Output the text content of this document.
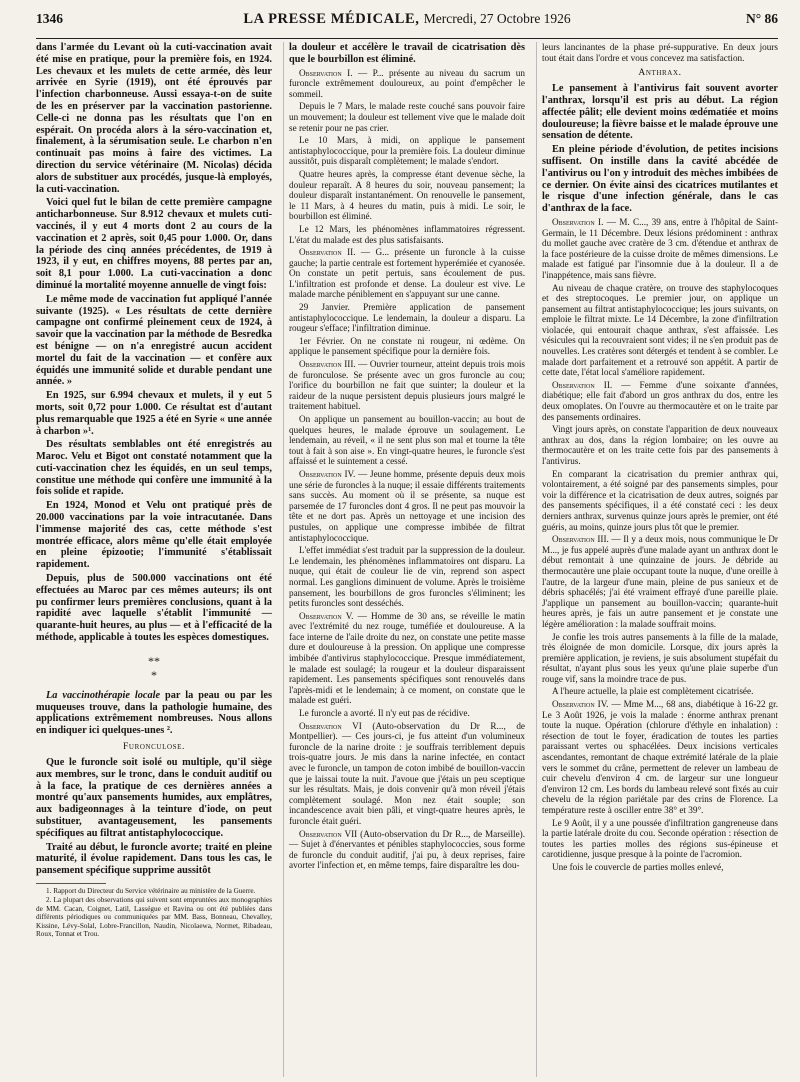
1346	LA PRESSE MÉDICALE, Mercredi, 27 Octobre 1926	N° 86

dans l'armée du Levant où la cuti-vaccination avait été mise en pratique, pour la première fois, en 1924. Les chevaux et les mulets de cette armée, dès leur arrivée en Syrie (1919), ont été éprouvés par l'infection charbonneuse. Aussi essaya-t-on de suite de les en préserver par la vaccination pastorienne. Celle-ci ne donna pas les résultats que l'on en espérait. On procéda alors à la séro-vaccination et, finalement, à la sérumisation seule. Le charbon n'en continuait pas moins à faire des victimes. La direction du service vétérinaire (M. Nicolas) décida alors de substituer aux procédés, jusque-là employés, la cuti-vaccination.

Voici quel fut le bilan de cette première campagne anticharbonneuse. Sur 8.912 chevaux et mulets cuti-vaccinés, il y eut 4 morts dont 2 au cours de la vaccination et 2 après, soit 0,45 pour 1.000. Or, dans la période des cinq années précédentes, de 1919 à 1923, il y eut, en chiffres moyens, 88 pertes par an, soit 8,1 pour 1.000. La cuti-vaccination a donc diminué la mortalité moyenne annuelle de vingt fois:

Le même mode de vaccination fut appliqué l'année suivante (1925). « Les résultats de cette dernière campagne ont confirmé pleinement ceux de 1924, à savoir que la vaccination par la méthode de Besredka est bénigne — on n'a enregistré aucun accident mortel du fait de la vaccination — et confère aux équidés une immunité solide et durable pendant une année. »

En 1925, sur 6.994 chevaux et mulets, il y eut 5 morts, soit 0,72 pour 1.000. Ce résultat est d'autant plus remarquable que 1925 a été en Syrie « une année à charbon »¹.

Des résultats semblables ont été enregistrés au Maroc. Velu et Bigot ont constaté notamment que la cuti-vaccination chez les équidés, en un seul temps, constitue une méthode qui confère une immunité à la fois solide et rapide.

En 1924, Monod et Velu ont pratiqué près de 20.000 vaccinations par la voie intracutanée. Dans l'immense majorité des cas, cette méthode s'est montrée efficace, alors même qu'elle était employée en pleine épizootie; l'immunité s'établissait rapidement.

Depuis, plus de 500.000 vaccinations ont été effectuées au Maroc par ces mêmes auteurs; ils ont pu confirmer leurs premières conclusions, quant à la rapidité avec laquelle s'établit l'immunité — quarante-huit heures, au plus — et à l'efficacité de la méthode, applicable à toutes les espèces domestiques.

**
*

La vaccinothérapie locale par la peau ou par les muqueuses trouve, dans la pathologie humaine, des applications extrêmement nombreuses. Nous allons en indiquer ici quelques-unes ².

Furonculose.

Que le furoncle soit isolé ou multiple, qu'il siège aux membres, sur le tronc, dans le conduit auditif ou à la face, la pratique de ces dernières années a montré qu'aux pansements humides, aux emplâtres, aux badigeonnages à la teinture d'iode, on peut substituer, avantageusement, les pansements spécifiques au filtrat antistaphylococcique.

Traité au début, le furoncle avorte; traité en pleine maturité, il évolue rapidement. Dans tous les cas, le pansement spécifique supprime aussitôt

1. Rapport du Directeur du Service vétérinaire au ministère de la Guerre.

2. La plupart des observations qui suivent sont empruntées aux monographies de MM. Cacan, Coignet, Latil, Lasségue et Ravina ou ont été publiées dans différents périodiques ou communiquées par MM. Bass, Bonneau, Chevalley, Kissine, Lévy-Solal, Lobre-Francillon, Naudin, Nicolaewa, Normet, Ribadeau, Roux, Tonnat et Trou.

la douleur et accélère le travail de cicatrisation dès que le bourbillon est éliminé.

Observation I. — P... présente au niveau du sacrum un furoncle extrêmement douloureux, au point d'empêcher le sommeil.

Depuis le 7 Mars, le malade reste couché sans pouvoir faire un mouvement; la douleur est tellement vive que le malade doit se retenir pour ne pas crier.

Le 10 Mars, à midi, on applique le pansement antistaphylococcique, pour la première fois. La douleur diminue aussitôt, puis disparaît complètement; le malade s'endort.

Quatre heures après, la compresse étant devenue sèche, la douleur reparaît. A 8 heures du soir, nouveau pansement; la douleur disparaît instantanément. On renouvelle le pansement, le 11 Mars, à 4 heures du matin, puis à midi. Le soir, le bourbillon est éliminé.

Le 12 Mars, les phénomènes inflammatoires régressent. L'état du malade est des plus satisfaisants.

Observation II. — G... présente un furoncle à la cuisse gauche; la partie centrale est fortement hyperémiée et cyanosée. On constate un petit pertuis, sans écoulement de pus. L'infiltration est profonde et dense. La douleur est vive. Le malade marche péniblement en s'appuyant sur une canne.

29 Janvier. Première application de pansement antistaphylococcique. Le lendemain, la douleur a disparu. La rougeur s'efface; l'infiltration diminue.

1er Février. On ne constate ni rougeur, ni œdème. On applique le pansement spécifique pour la dernière fois.

Observation III. — Ouvrier tourneur, atteint depuis trois mois de furonculose. Se présente avec un gros furoncle au cou; l'orifice du bourbillon ne fait que suinter; la douleur et la raideur de la nuque persistent depuis plusieurs jours malgré le traitement habituel.

On applique un pansement au bouillon-vaccin; au bout de quelques heures, le malade éprouve un soulagement. Le lendemain, au réveil, « il ne sent plus son mal et tourne la tête tout à fait à son aise ». En vingt-quatre heures, le furoncle s'est affaissé et le suintement a cessé.

Observation IV. — Jeune homme, présente depuis deux mois une série de furoncles à la nuque; il essaie différents traitements sans succès. Au moment où il se présente, sa nuque est parsemée de 17 furoncles dont 4 gros. Il ne peut pas mouvoir la tête et ne dort pas. Après un nettoyage et une incision des pustules, on applique une compresse imbibée de filtrat antistaphylococcique.

L'effet immédiat s'est traduit par la suppression de la douleur. Le lendemain, les phénomènes inflammatoires ont disparu. La nuque, qui était de couleur lie de vin, reprend son aspect normal. Les ganglions diminuent de volume. Après le troisième pansement, les bourbillons de gros furoncles s'éliminent; les petits furoncles sont desséchés.

Observation V. — Homme de 30 ans, se réveille le matin avec l'extrémité du nez rouge, tuméfiée et douloureuse. A la face interne de l'aile droite du nez, on constate une petite masse dure et douloureuse à la pression. On applique une compresse imbibée d'antivirus staphylococcique. Presque immédiatement, le malade est soulagé; la rougeur et la douleur disparaissent rapidement. Les pansements spécifiques sont renouvelés dans l'après-midi et le lendemain; à ce moment, on constate que le malade est guéri.

Le furoncle a avorté. Il n'y eut pas de récidive.

Observation VI (Auto-observation du Dr R..., de Montpellier). — Ces jours-ci, je fus atteint d'un volumineux furoncle de la narine droite : je souffrais terriblement depuis trois-quatre jours. Je mis dans la narine infectée, en contact avec le furoncle, un tampon de coton imbibé de bouillon-vaccin que je laissai toute la nuit. J'avoue que j'étais un peu sceptique sur les résultats. Mais, je dois convenir qu'à mon réveil j'étais complètement soulagé. Mon nez était souple; son incandescence avait bien pâli, et vingt-quatre heures après, le furoncle était guéri.

Observation VII (Auto-observation du Dr R..., de Marseille). — Sujet à d'énervantes et pénibles staphylococcies, sous forme de furoncle du conduit auditif, j'ai pu, à deux reprises, faire avorter l'infection et, en même temps, faire disparaître les dou-

leurs lancinantes de la phase pré-suppurative. En deux jours tout était dans l'ordre et vous concevez ma satisfaction.

Anthrax.

Le pansement à l'antivirus fait souvent avorter l'anthrax, lorsqu'il est pris au début. La région affectée pâlit; elle devient moins œdématiée et moins douloureuse; la fièvre baisse et le malade éprouve une sensation de détente.

En pleine période d'évolution, de petites incisions suffisent. On instille dans la cavité abcédée de l'antivirus ou l'on y introduit des mèches imbibées de ce dernier. On évite ainsi des cicatrices mutilantes et le risque d'une infection générale, dans le cas d'anthrax de la face.

Observation I. — M. C..., 39 ans, entre à l'hôpital de Saint-Germain, le 11 Décembre. Deux lésions prédominent : anthrax du mollet gauche avec cratère de 3 cm. d'étendue et anthrax de la face postérieure de la cuisse droite de mêmes dimensions. Le malade est fatigué par l'insomnie due à la douleur. Il a de l'inappétence, mais sans fièvre.

Au niveau de chaque cratère, on trouve des staphylocoques et des streptocoques. Le premier jour, on applique un pansement au filtrat antistaphylococcique; les jours suivants, on emploie le filtrat mixte. Le 14 Décembre, la zone d'infiltration violacée, qui entourait chaque anthrax, s'est affaissée. Les vésicules qui la recouvraient sont vides; il ne s'en produit pas de nouvelles. Les cratères sont détergés et tendent à se combler. Le malade dort parfaitement et a retrouvé son appétit. A partir de cette date, l'état local s'améliore rapidement.

Observation II. — Femme d'une soixante d'années, diabétique; elle fait d'abord un gros anthrax du dos, entre les deux omoplates. On l'ouvre au thermocautère et on le traite par des pansements ordinaires.

Vingt jours après, on constate l'apparition de deux nouveaux anthrax au dos, dans la région lombaire; on les ouvre au thermocautère et on les traite cette fois par des pansements à l'antivirus.

En comparant la cicatrisation du premier anthrax qui, volontairement, a été soigné par des pansements simples, pour voir la différence et la cicatrisation de deux autres, soignés par des pansements spécifiques, il a été constaté ceci : les deux derniers anthrax, survenus quinze jours après le premier, ont été guéris, au moins, quinze jours plus tôt que le premier.

Observation III. — Il y a deux mois, nous communique le Dr M..., je fus appelé auprès d'une malade ayant un anthrax dont le début remontait à une quinzaine de jours. Je débride au thermocautère une plaie occupant toute la nuque, d'une oreille à l'autre, de la largeur d'une main, pleine de pus sanieux et de débris sphacélés; j'ai été vraiment effrayé d'une pareille plaie. J'applique un pansement au bouillon-vaccin; quarante-huit heures après, je fais un autre pansement et je constate une légère amélioration : la malade souffrait moins.

Je confie les trois autres pansements à la fille de la malade, très éloignée de mon domicile. Lorsque, dix jours après la première application, je reviens, je suis absolument stupéfait du résultat, n'ayant plus sous les yeux qu'une plaie superbe d'un rouge vif, sans la moindre trace de pus.

A l'heure actuelle, la plaie est complètement cicatrisée.

Observation IV. — Mme M..., 68 ans, diabétique à 16-22 gr. Le 3 Août 1926, je vois la malade : énorme anthrax prenant toute la nuque. Opération (chlorure d'éthyle en inhalation) : résection de tout le foyer, éradication de toutes les parties paraissant vertes ou sphacélées. Deux incisions verticales ascendantes, remontant de chaque extrémité latérale de la plaie vers le sommet du crâne, permettent de relever un lambeau de cuir chevelu d'environ 4 cm. de largeur sur une longueur d'environ 12 cm. Les bords du lambeau relevé sont fixés au cuir chevelu de la région pariétale par des crins de Florence. La température reste à osciller entre 38° et 39°.

Le 9 Août, il y a une poussée d'infiltration gangreneuse dans la partie latérale droite du cou. Seconde opération : résection de toutes les parties molles des régions sus-épineuse et carotidienne, jusque presque à la pointe de l'acromion.

Une fois le couvercle de parties molles enlevé,
